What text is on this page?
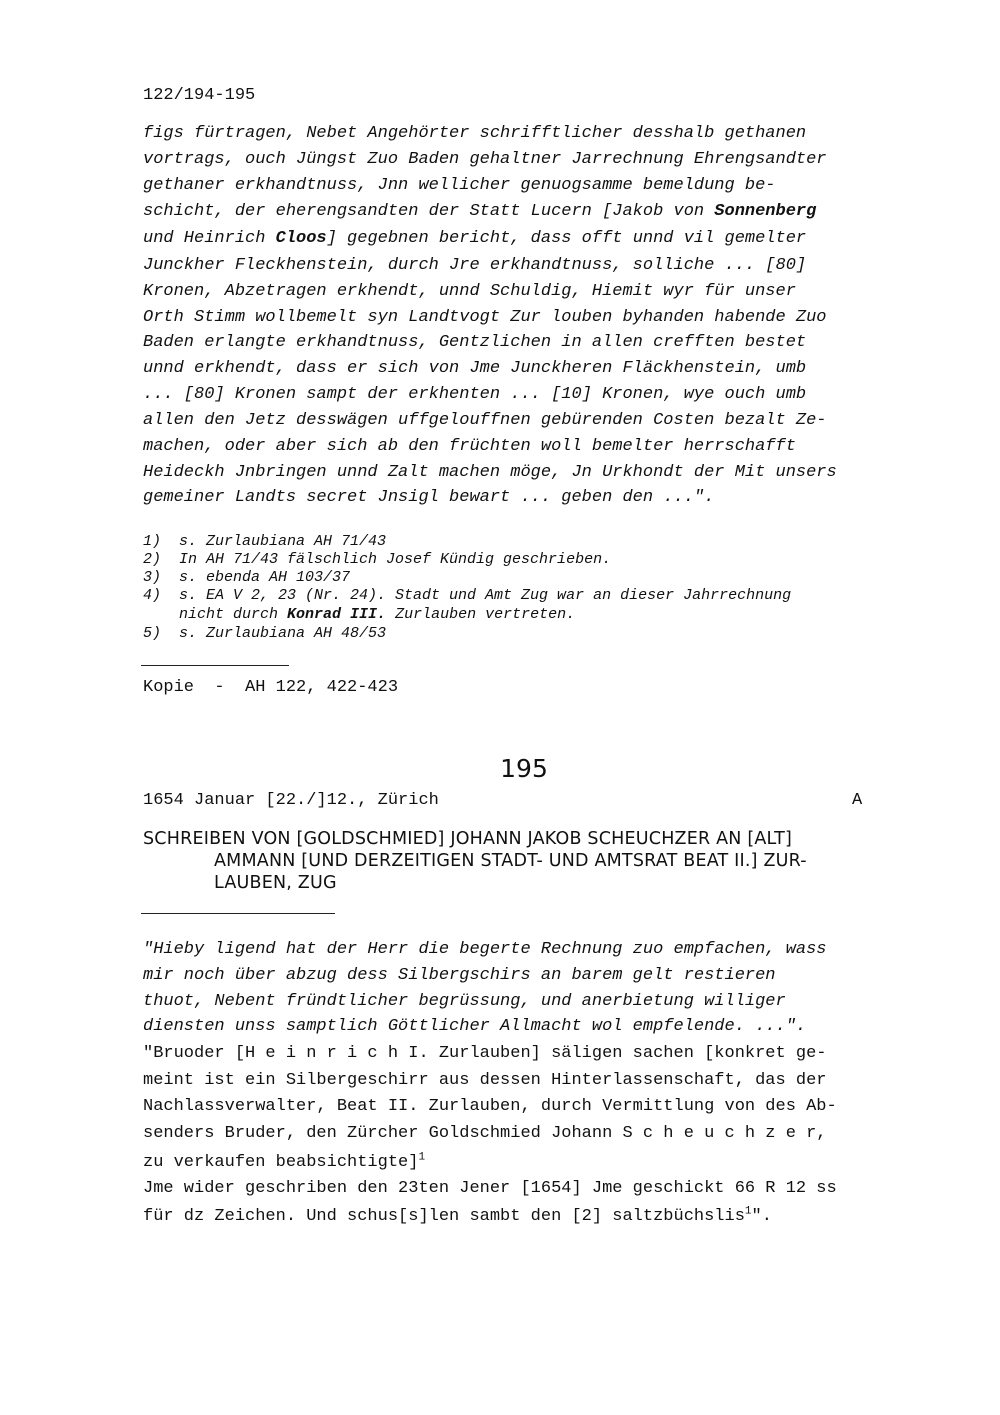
122/194-195
figs fürtragen, Nebet Angehörter schrifftlicher desshalb gethanen
vortrags, ouch Jüngst Zuo Baden gehaltner Jarrechnung Ehrengsandter
gethaner erkhandtnuss, Jnn wellicher genuogsamme bemeldung be-
schicht, der eherengsandten der Statt Lucern [Jakob von Sonnenberg
und Heinrich Cloos] gegebnen bericht, dass offt unnd vil gemelter
Junckher Fleckhenstein, durch Jre erkhandtnuss, solliche ... [80]
Kronen, Abzetragen erkhendt, unnd Schuldig, Hiemit wyr für unser
Orth Stimm wollbemelt syn Landtvogt Zur louben byhanden habende Zuo
Baden erlangte erkhandtnuss, Gentzlichen in allen crefften bestet
unnd erkhendt, dass er sich von Jme Junckheren Fläckhenstein, umb
... [80] Kronen sampt der erkhenten ... [10] Kronen, wye ouch umb
allen den Jetz desswägen uffgelouffnen gebürenden Costen bezalt Ze-
machen, oder aber sich ab den früchten woll bemelter herrschafft
Heideckh Jnbringen unnd Zalt machen möge, Jn Urkhondt der Mit unsers
gemeiner Landts secret Jnsigl bewart ... geben den ...".
1) s. Zurlaubiana AH 71/43
2) In AH 71/43 fälschlich Josef Kündig geschrieben.
3) s. ebenda AH 103/37
4) s. EA V 2, 23 (Nr. 24). Stadt und Amt Zug war an dieser Jahrrechnung
nicht durch Konrad III. Zurlauben vertreten.
5) s. Zurlaubiana AH 48/53
Kopie  -  AH 122, 422-423
195
1654 Januar [22./]12., Zürich	A
SCHREIBEN VON [GOLDSCHMIED] JOHANN JAKOB SCHEUCHZER AN [ALT]
AMMANN [UND DERZEITIGEN STADT- UND AMTSRAT BEAT II.] ZUR-
LAUBEN, ZUG
"Hieby ligend hat der Herr die begerte Rechnung zuo empfachen, wass
mir noch über abzug dess Silbergschirs an barem gelt restieren
thuot, Nebent fründtlicher begrüssung, und anerbietung williger
diensten unss samptlich Göttlicher Allmacht wol empfelende. ...".
"Bruoder [H e i n r i c h I. Zurlauben] säligen sachen [konkret ge-
meint ist ein Silbergeschirr aus dessen Hinterlassenschaft, das der
Nachlassverwalter, Beat II. Zurlauben, durch Vermittlung von des Ab-
senders Bruder, den Zürcher Goldschmied Johann S c h e u c h z e r,
zu verkaufen beabsichtigte]$^1$
Jme wider geschriben den 23ten Jener [1654] Jme geschickt 66 R 12 ss
für dz Zeichen. Und schus[s]len sambt den [2] saltzbüchslis$^1$".
